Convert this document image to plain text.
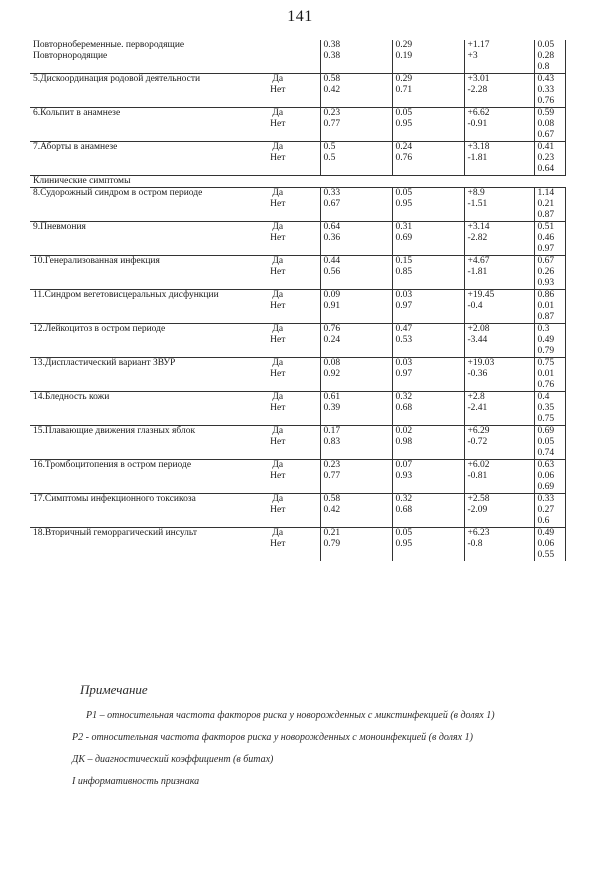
141
Повторнобеременные. первородящие		0.38	0.29	+1.17	0.05
Повторнородящие		0.38	0.19	+3	0.28
					0.8
5.Дискоординация родовой деятельности	Да	0.58	0.29	+3.01	0.43
	Нет	0.42	0.71	-2.28	0.33
					0.76
6.Кольпит в анамнезе	Да	0.23	0.05	+6.62	0.59
	Нет	0.77	0.95	-0.91	0.08
					0.67
7.Аборты в анамнезе	Да	0.5	0.24	+3.18	0.41
	Нет	0.5	0.76	-1.81	0.23
					0.64
Клинические симптомы					
8.Судорожный синдром в остром периоде	Да	0.33	0.05	+8.9	1.14
	Нет	0.67	0.95	-1.51	0.21
					0.87
9.Пневмония	Да	0.64	0.31	+3.14	0.51
	Нет	0.36	0.69	-2.82	0.46
					0.97
10.Генерализованная инфекция	Да	0.44	0.15	+4.67	0.67
	Нет	0.56	0.85	-1.81	0.26
					0.93
11.Синдром вегетовисцеральных дисфункции	Да	0.09	0.03	+19.45	0.86
	Нет	0.91	0.97	-0.4	0.01
					0.87
12.Лейкоцитоз в остром периоде	Да	0.76	0.47	+2.08	0.3
	Нет	0.24	0.53	-3.44	0.49
					0.79
13.Диспластический вариант ЗВУР	Да	0.08	0.03	+19.03	0.75
	Нет	0.92	0.97	-0.36	0.01
					0.76
14.Бледность кожи	Да	0.61	0.32	+2.8	0.4
	Нет	0.39	0.68	-2.41	0.35
					0.75
15.Плавающие движения глазных яблок	Да	0.17	0.02	+6.29	0.69
	Нет	0.83	0.98	-0.72	0.05
					0.74
16.Тромбоцитопения в остром периоде	Да	0.23	0.07	+6.02	0.63
	Нет	0.77	0.93	-0.81	0.06
					0.69
17.Симптомы инфекционного токсикоза	Да	0.58	0.32	+2.58	0.33
	Нет	0.42	0.68	-2.09	0.27
					0.6
18.Вторичный геморрагический инсульт	Да	0.21	0.05	+6.23	0.49
	Нет	0.79	0.95	-0.8	0.06
					0.55
Примечание
P1 – относительная частота факторов риска у новорожденных с микстинфекцией (в долях 1)
P2 - относительная частота факторов риска у новорожденных с моноинфекцией (в долях 1)
ДК – диагностический коэффициент (в битах)
I информативность признака
